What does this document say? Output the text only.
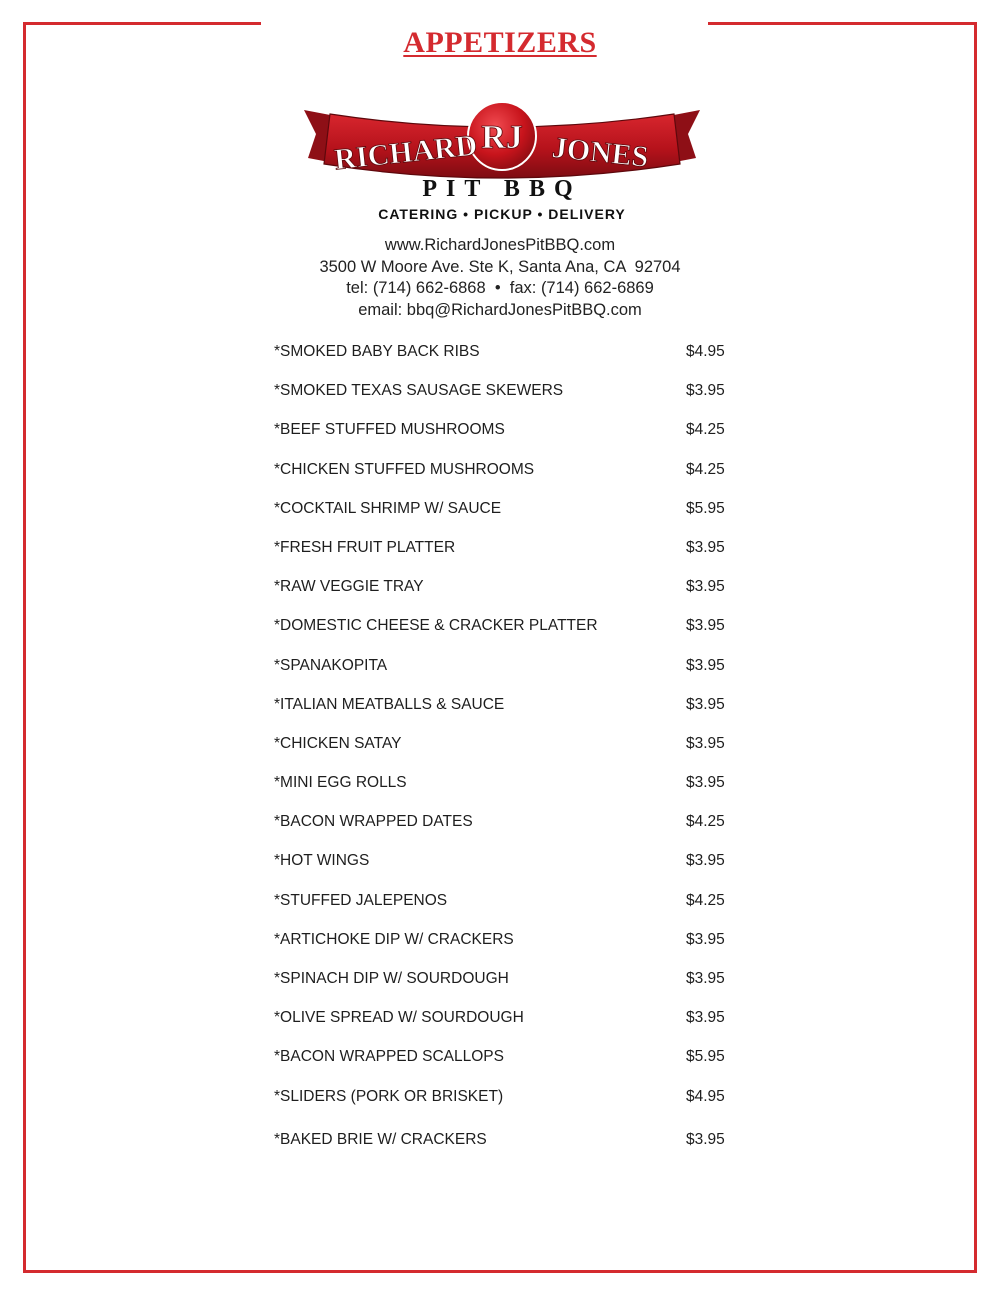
APPETIZERS
RJ
RICHARD JONES
PIT BBQ
CATERING • PICKUP • DELIVERY
www.RichardJonesPitBBQ.com
3500 W Moore Ave. Ste K, Santa Ana, CA  92704
tel: (714) 662-6868  •  fax: (714) 662-6869
email: bbq@RichardJonesPitBBQ.com
*SMOKED BABY BACK RIBS	$4.95
*SMOKED TEXAS SAUSAGE SKEWERS	$3.95
*BEEF STUFFED MUSHROOMS	$4.25
*CHICKEN STUFFED MUSHROOMS	$4.25
*COCKTAIL SHRIMP W/ SAUCE	$5.95
*FRESH FRUIT PLATTER	$3.95
*RAW VEGGIE TRAY	$3.95
*DOMESTIC CHEESE & CRACKER PLATTER	$3.95
*SPANAKOPITA	$3.95
*ITALIAN MEATBALLS & SAUCE	$3.95
*CHICKEN SATAY	$3.95
*MINI EGG ROLLS	$3.95
*BACON WRAPPED DATES	$4.25
*HOT WINGS	$3.95
*STUFFED JALEPENOS	$4.25
*ARTICHOKE DIP W/ CRACKERS	$3.95
*SPINACH DIP W/ SOURDOUGH	$3.95
*OLIVE SPREAD W/ SOURDOUGH	$3.95
*BACON WRAPPED SCALLOPS	$5.95
*SLIDERS (PORK OR BRISKET)	$4.95
*BAKED BRIE W/ CRACKERS	$3.95
